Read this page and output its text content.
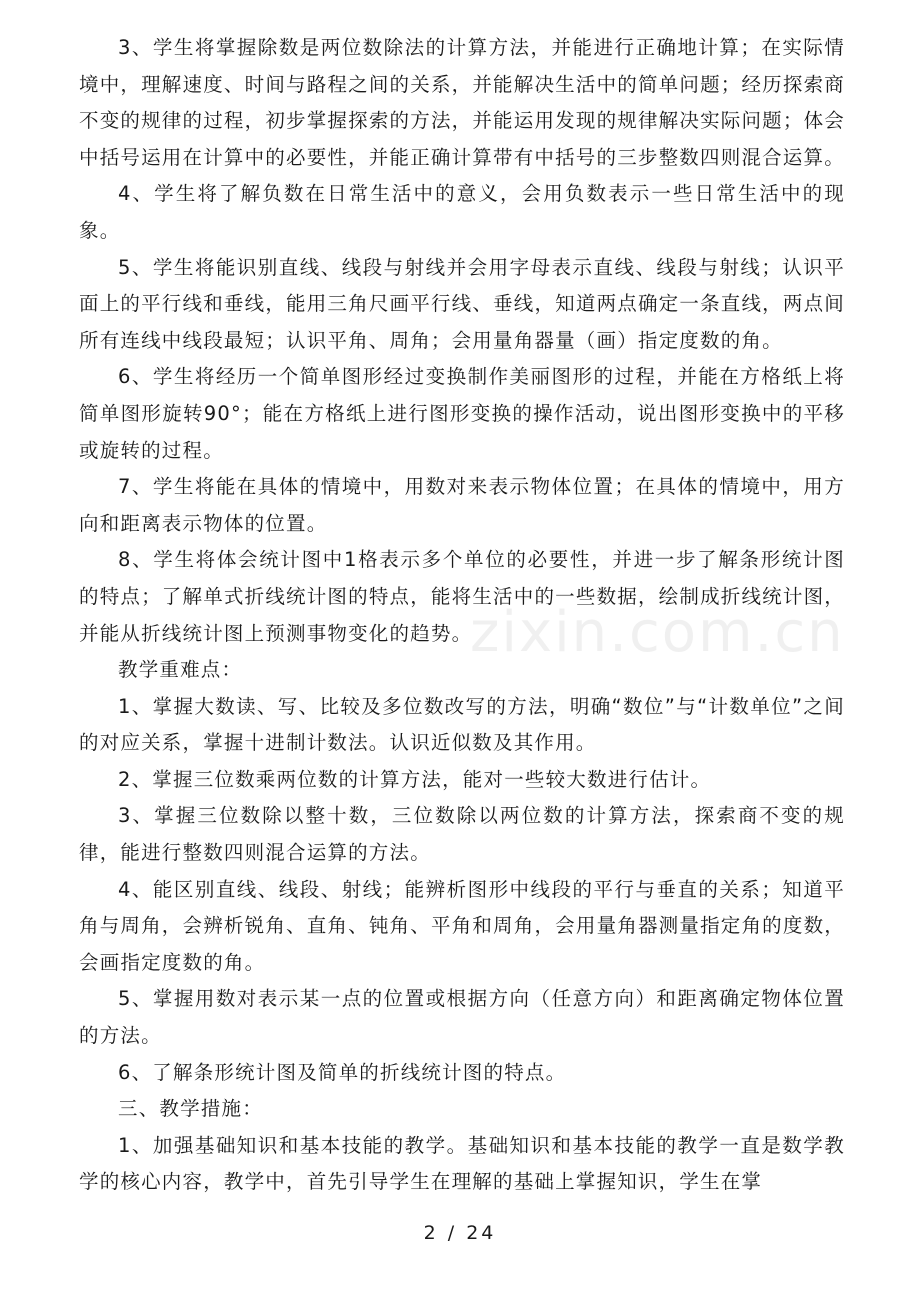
zixin.com.cn

3、学生将掌握除数是两位数除法的计算方法，并能进行正确地计算；在实际情境中，理解速度、时间与路程之间的关系，并能解决生活中的简单问题；经历探索商不变的规律的过程，初步掌握探索的方法，并能运用发现的规律解决实际问题；体会中括号运用在计算中的必要性，并能正确计算带有中括号的三步整数四则混合运算。

4、学生将了解负数在日常生活中的意义，会用负数表示一些日常生活中的现象。

5、学生将能识别直线、线段与射线并会用字母表示直线、线段与射线；认识平面上的平行线和垂线，能用三角尺画平行线、垂线，知道两点确定一条直线，两点间所有连线中线段最短；认识平角、周角；会用量角器量（画）指定度数的角。

6、学生将经历一个简单图形经过变换制作美丽图形的过程，并能在方格纸上将简单图形旋转90°；能在方格纸上进行图形变换的操作活动，说出图形变换中的平移或旋转的过程。

7、学生将能在具体的情境中，用数对来表示物体位置；在具体的情境中，用方向和距离表示物体的位置。

8、学生将体会统计图中1格表示多个单位的必要性，并进一步了解条形统计图的特点；了解单式折线统计图的特点，能将生活中的一些数据，绘制成折线统计图，并能从折线统计图上预测事物变化的趋势。

教学重难点：

1、掌握大数读、写、比较及多位数改写的方法，明确“数位”与“计数单位”之间的对应关系，掌握十进制计数法。认识近似数及其作用。

2、掌握三位数乘两位数的计算方法，能对一些较大数进行估计。

3、掌握三位数除以整十数，三位数除以两位数的计算方法，探索商不变的规律，能进行整数四则混合运算的方法。

4、能区别直线、线段、射线；能辨析图形中线段的平行与垂直的关系；知道平角与周角，会辨析锐角、直角、钝角、平角和周角，会用量角器测量指定角的度数，会画指定度数的角。

5、掌握用数对表示某一点的位置或根据方向（任意方向）和距离确定物体位置的方法。

6、了解条形统计图及简单的折线统计图的特点。

三、教学措施：

1、加强基础知识和基本技能的教学。基础知识和基本技能的教学一直是数学教学的核心内容，教学中，首先引导学生在理解的基础上掌握知识，学生在掌

2 / 24
